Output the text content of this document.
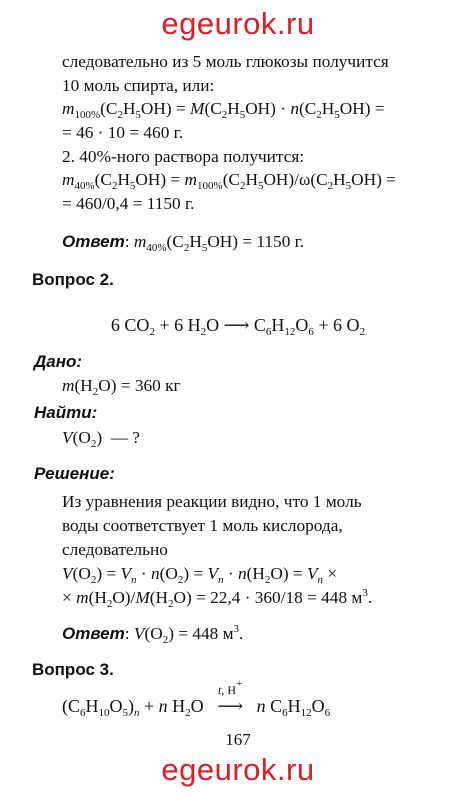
egeurok.ru
следовательно из 5 моль глюкозы получится
10 моль спирта, или:
$m_{100\%}(C_2H_5OH) = M(C_2H_5OH) \cdot n(C_2H_5OH)$ =
= 46 · 10 = 460 г.
2. 40%-ного раствора получится:
$m_{40\%}(C_2H_5OH) = m_{100\%}(C_2H_5OH)/\omega(C_2H_5OH)$ =
= 460/0,4 = 1150 г.
Ответ: $m_{40\%}(C_2H_5OH) = 1150$ г.
Вопрос 2.
6 $CO_2 + 6$ $H_2O$ ⟶ $C_6H_{12}O_6 + 6$ $O_2$
Дано:
$m(H_2O) = 360$ кг
Найти:
$V(O_2)$  — ?
Решение:
Из уравнения реакции видно, что 1 моль
воды соответствует 1 моль кислорода,
следовательно
$V(O_2) = V_n \cdot n(O_2) = V_n \cdot n(H_2O) = V_n$ ×
× $m(H_2O)/M(H_2O) = 22,4 \cdot 360/18 = 448$ $м^3$.
Ответ: $V(O_2) = 448$ $м^3$.
Вопрос 3.
$(C_6H_{10}O_5)_n + n$ $H_2O$
t, H+
⟶ n $C_6H_{12}O_6$
167
egeurok.ru
